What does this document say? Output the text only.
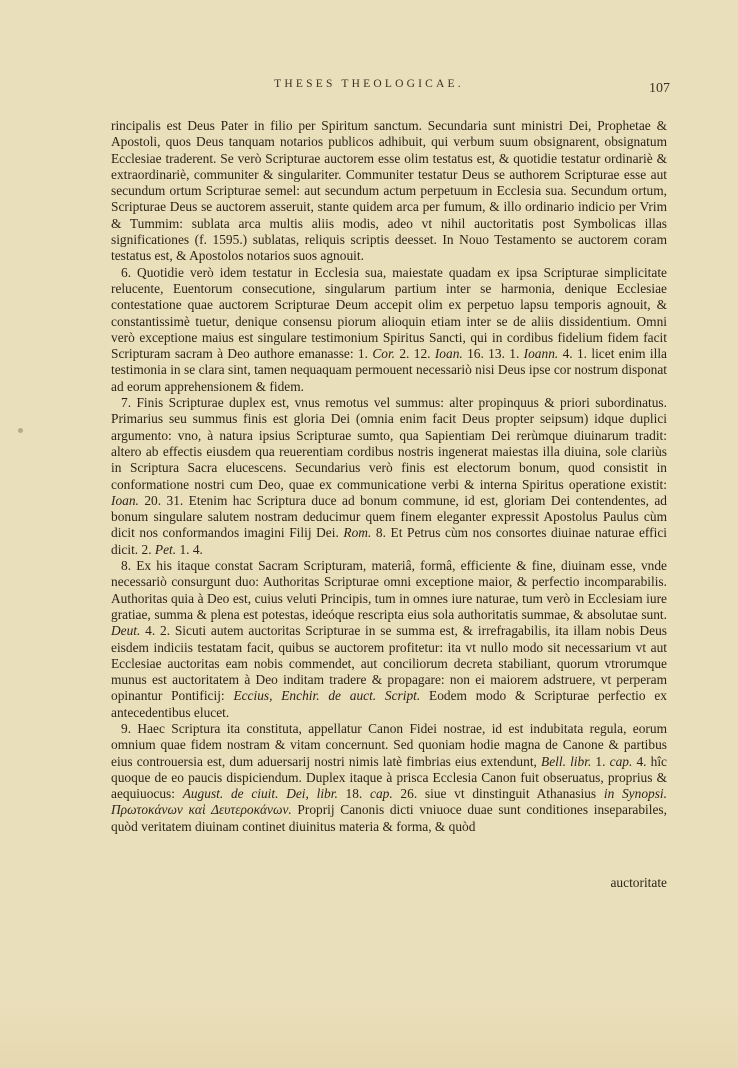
THESES THEOLOGICAE.	107

rincipalis est Deus Pater in filio per Spiritum sanctum. Secundaria sunt ministri Dei, Prophetae & Apostoli, quos Deus tanquam notarios publicos adhibuit, qui verbum suum obsignarent, obsignatum Ecclesiae traderent. Se verò Scripturae auctorem esse olim testatus est, & quotidie testatur ordinariè & extraordinariè, communiter & singulariter. Communiter testatur Deus se authorem Scripturae esse aut secundum ortum Scripturae semel: aut secundum actum perpetuum in Ecclesia sua. Secundum ortum, Scripturae Deus se auctorem asseruit, stante quidem arca per fumum, & illo ordinario indicio per Vrim & Tummim: sublata arca multis aliis modis, adeo vt nihil auctoritatis post Symbolicas illas significationes (f. 1595.) sublatas, reliquis scriptis deesset. In Nouo Testamento se auctorem coram testatus est, & Apostolos notarios suos agnouit.

6. Quotidie verò idem testatur in Ecclesia sua, maiestate quadam ex ipsa Scripturae simplicitate relucente, Euentorum consecutione, singularum partium inter se harmonia, denique Ecclesiae contestatione quae auctorem Scripturae Deum accepit olim ex perpetuo lapsu temporis agnouit, & constantissimè tuetur, denique consensu piorum alioquin etiam inter se de aliis dissidentium. Omni verò exceptione maius est singulare testimonium Spiritus Sancti, qui in cordibus fidelium fidem facit Scripturam sacram à Deo authore emanasse: 1. Cor. 2. 12. Ioan. 16. 13. 1. Ioann. 4. 1. licet enim illa testimonia in se clara sint, tamen nequaquam permouent necessariò nisi Deus ipse cor nostrum disponat ad eorum apprehensionem & fidem.

7. Finis Scripturae duplex est, vnus remotus vel summus: alter propinquus & priori subordinatus. Primarius seu summus finis est gloria Dei (omnia enim facit Deus propter seipsum) idque duplici argumento: vno, à natura ipsius Scripturae sumto, qua Sapientiam Dei rerùmque diuinarum tradit: altero ab effectis eiusdem qua reuerentiam cordibus nostris ingenerat maiestas illa diuina, sole clariùs in Scriptura Sacra elucescens. Secundarius verò finis est electorum bonum, quod consistit in conformatione nostri cum Deo, quae ex communicatione verbi & interna Spiritus operatione existit: Ioan. 20. 31. Etenim hac Scriptura duce ad bonum commune, id est, gloriam Dei contendentes, ad bonum singulare salutem nostram deducimur quem finem eleganter expressit Apostolus Paulus cùm dicit nos conformandos imagini Filij Dei. Rom. 8. Et Petrus cùm nos consortes diuinae naturae effici dicit. 2. Pet. 1. 4.

8. Ex his itaque constat Sacram Scripturam, materiâ, formâ, efficiente & fine, diuinam esse, vnde necessariò consurgunt duo: Authoritas Scripturae omni exceptione maior, & perfectio incomparabilis. Authoritas quia à Deo est, cuius veluti Principis, tum in omnes iure naturae, tum verò in Ecclesiam iure gratiae, summa & plena est potestas, ideóque rescripta eius sola authoritatis summae, & absolutae sunt. Deut. 4. 2. Sicuti autem auctoritas Scripturae in se summa est, & irrefragabilis, ita illam nobis Deus eisdem indiciis testatam facit, quibus se auctorem profitetur: ita vt nullo modo sit necessarium vt aut Ecclesiae auctoritas eam nobis commendet, aut conciliorum decreta stabiliant, quorum vtrorumque munus est auctoritatem à Deo inditam tradere & propagare: non ei maiorem adstruere, vt perperam opinantur Pontificij: Eccius, Enchir. de auct. Script. Eodem modo & Scripturae perfectio ex antecedentibus elucet.

9. Haec Scriptura ita constituta, appellatur Canon Fidei nostrae, id est indubitata regula, eorum omnium quae fidem nostram & vitam concernunt. Sed quoniam hodie magna de Canone & partibus eius controuersia est, dum aduersarij nostri nimis latè fimbrias eius extendunt, Bell. libr. 1. cap. 4. hîc quoque de eo paucis dispiciendum. Duplex itaque à prisca Ecclesia Canon fuit obseruatus, proprius & aequiuocus: August. de ciuit. Dei, libr. 18. cap. 26. siue vt dinstinguit Athanasius in Synopsi. Πρωτοκάνων καὶ Δευτεροκάνων. Proprij Canonis dicti vniuoce duae sunt conditiones inseparabiles, quòd veritatem diuinam continet diuinitus materia & forma, & quòd

auctoritate
